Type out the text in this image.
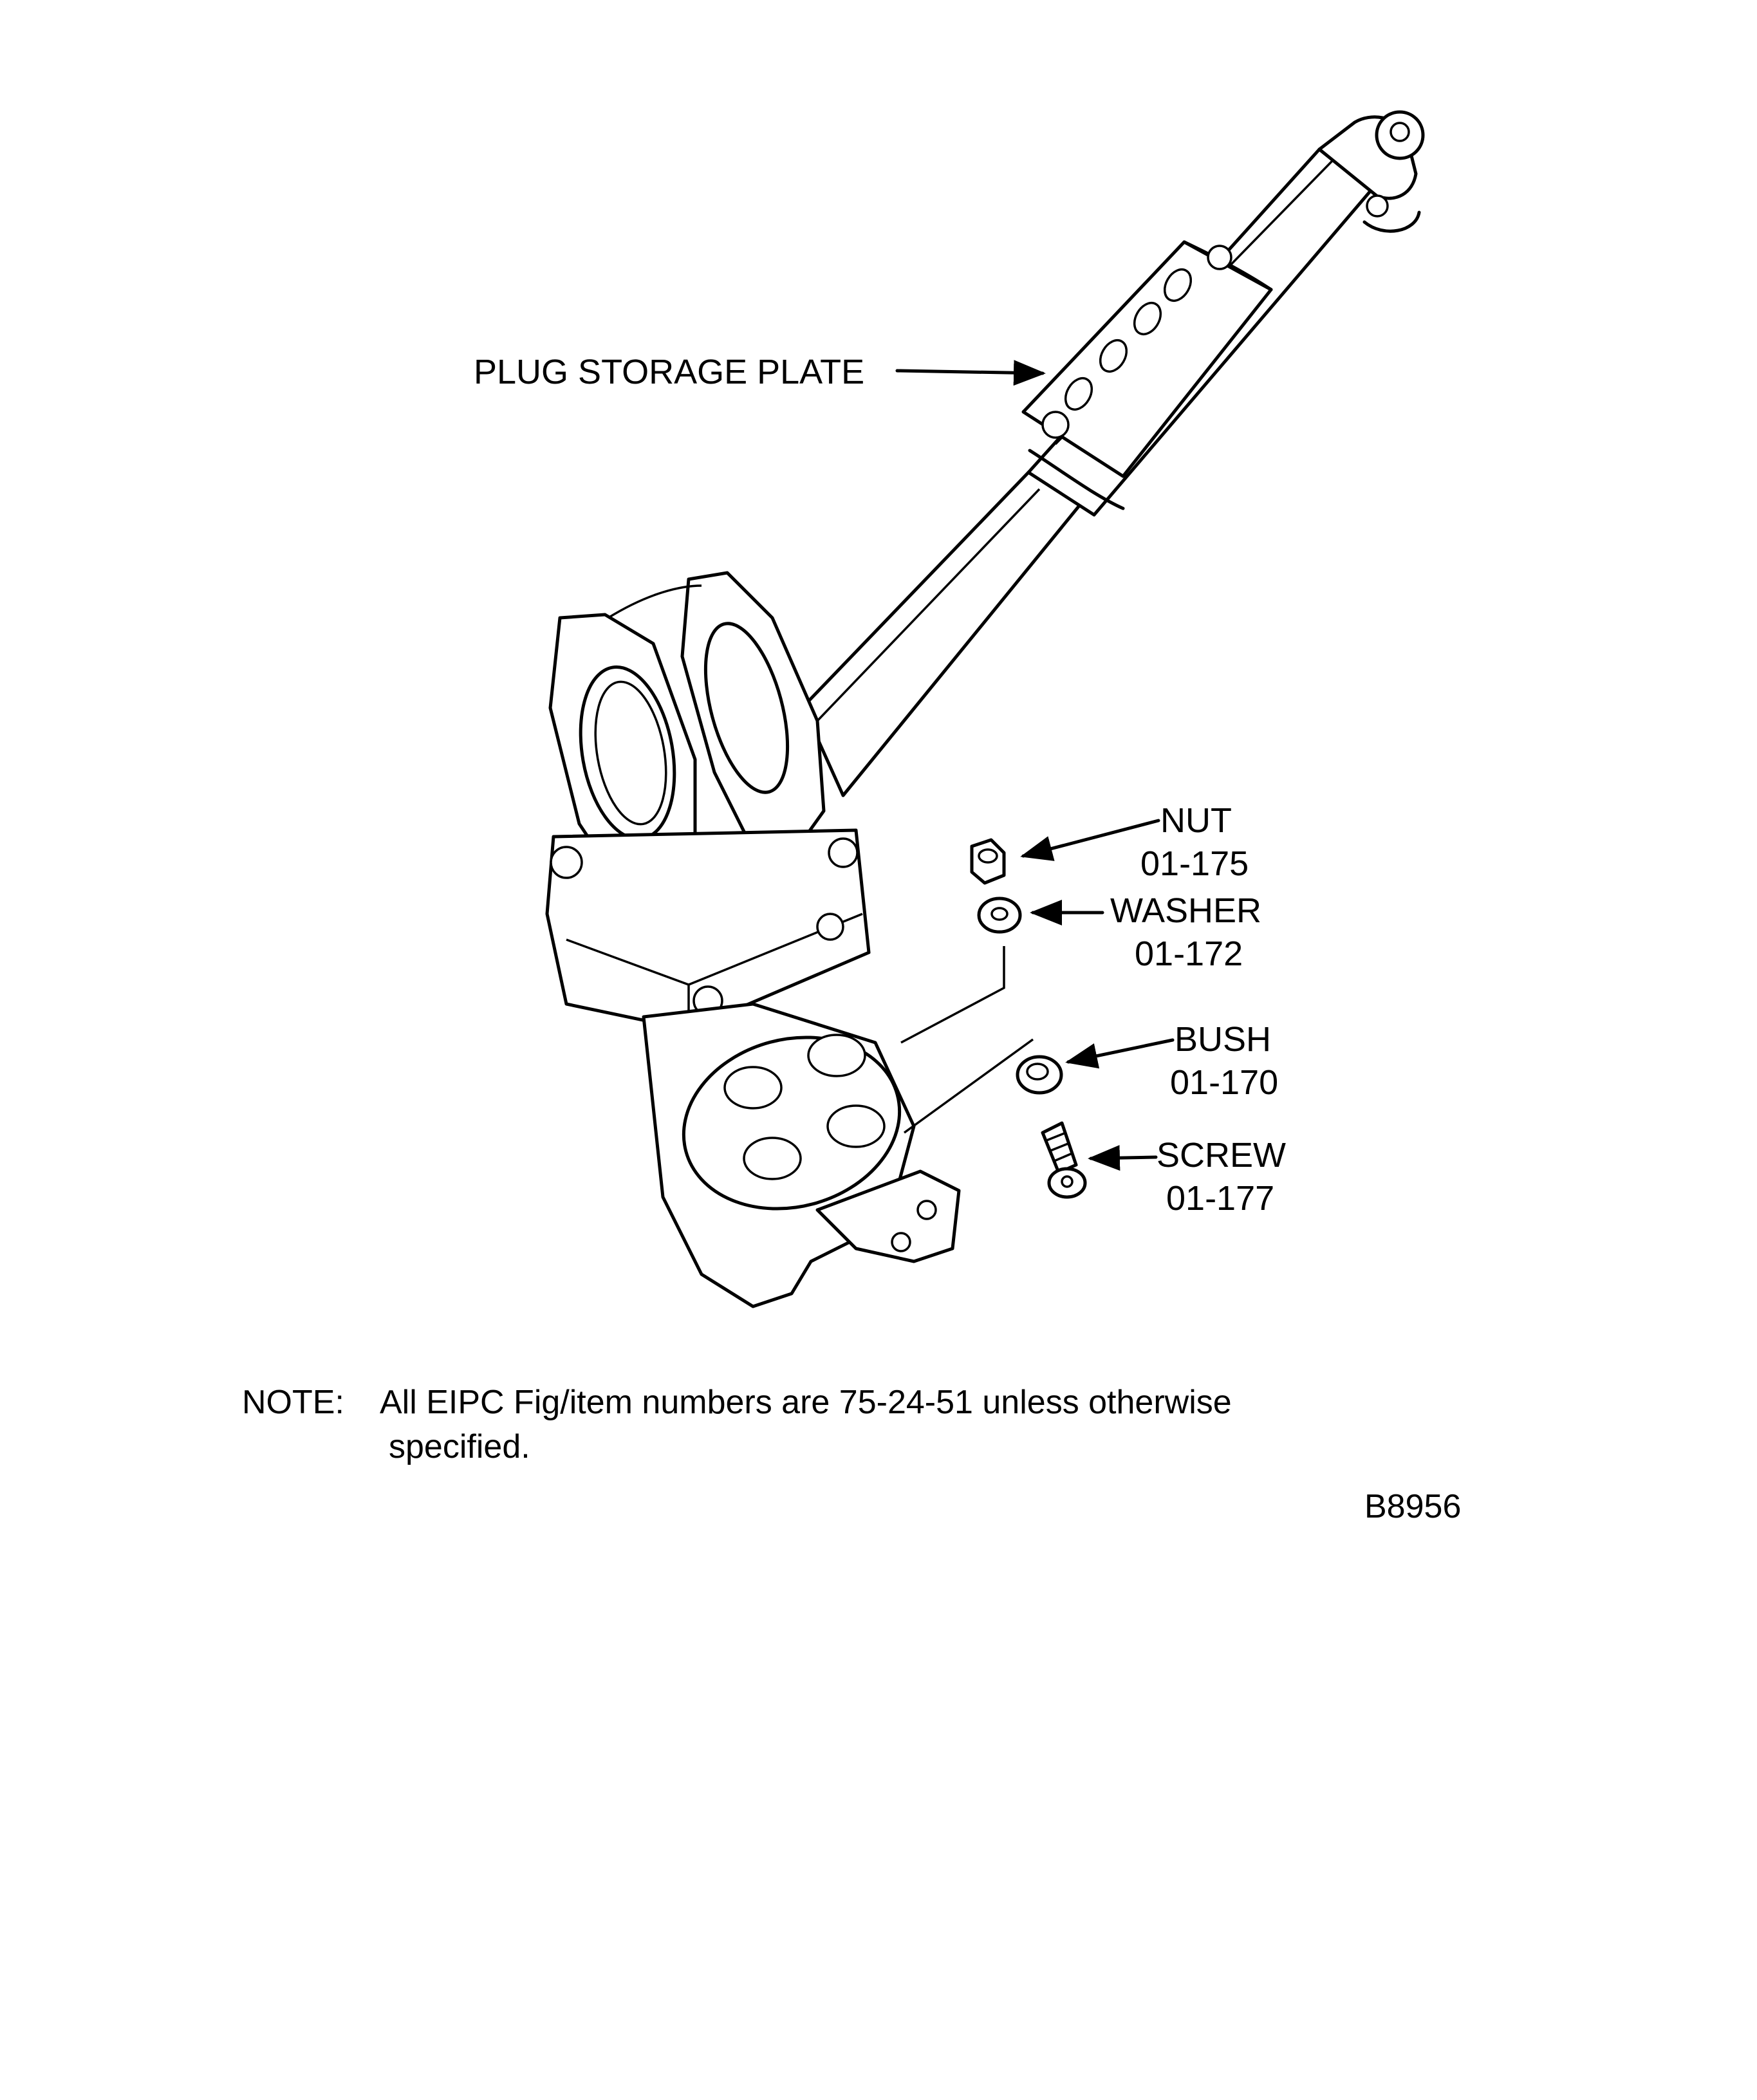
PLUG STORAGE PLATE
NUT
01-175
WASHER
01-172
BUSH
01-170
SCREW
01-177
NOTE: All EIPC Fig/item numbers are 75-24-51 unless otherwise
specified.
B8956
